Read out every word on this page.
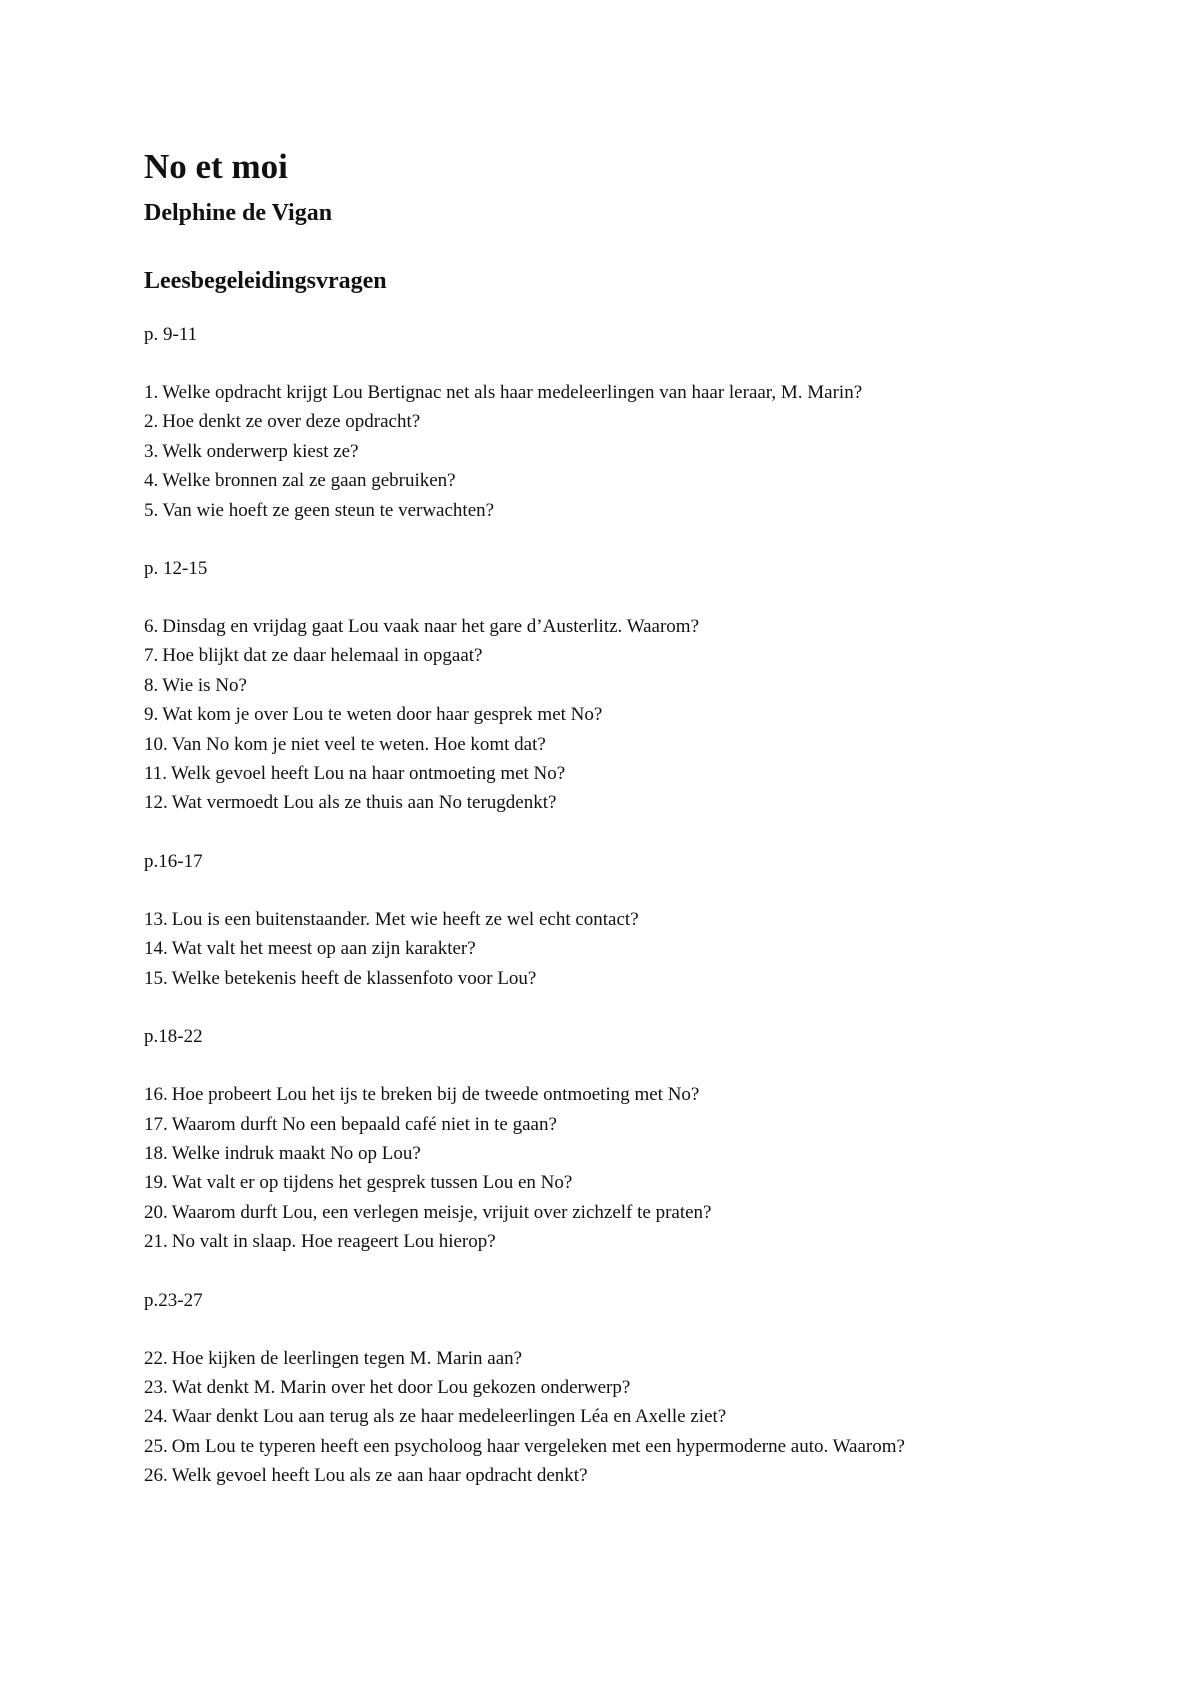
No et moi
Delphine de Vigan
Leesbegeleidingsvragen
p. 9-11
1. Welke opdracht krijgt Lou Bertignac net als haar medeleerlingen van haar leraar, M. Marin?
2. Hoe denkt ze over deze opdracht?
3. Welk onderwerp kiest ze?
4. Welke bronnen zal ze gaan gebruiken?
5. Van wie hoeft ze geen steun te verwachten?
p. 12-15
6. Dinsdag en vrijdag gaat Lou vaak naar het gare d’Austerlitz. Waarom?
7. Hoe blijkt dat ze daar helemaal in opgaat?
8. Wie is No?
9. Wat kom je over Lou te weten door haar gesprek met No?
10. Van No kom je niet veel te weten. Hoe komt dat?
11. Welk gevoel heeft Lou na haar ontmoeting met No?
12. Wat vermoedt Lou als ze thuis aan No terugdenkt?
p.16-17
13. Lou is een buitenstaander. Met wie heeft ze wel echt contact?
14. Wat valt het meest op aan zijn karakter?
15. Welke betekenis heeft de klassenfoto voor Lou?
p.18-22
16. Hoe probeert Lou het ijs te breken bij de tweede ontmoeting met No?
17. Waarom durft No een bepaald café niet in te gaan?
18. Welke indruk maakt No op Lou?
19. Wat valt er op tijdens het gesprek tussen Lou en No?
20. Waarom durft Lou, een verlegen meisje, vrijuit over zichzelf te praten?
21. No valt in slaap. Hoe reageert Lou hierop?
p.23-27
22. Hoe kijken de leerlingen tegen M. Marin aan?
23. Wat denkt M. Marin over het door Lou gekozen onderwerp?
24. Waar denkt Lou aan terug als ze haar medeleerlingen Léa en Axelle ziet?
25. Om Lou te typeren heeft een psycholoog haar vergeleken met een hypermoderne auto. Waarom?
26. Welk gevoel heeft Lou als ze aan haar opdracht denkt?
